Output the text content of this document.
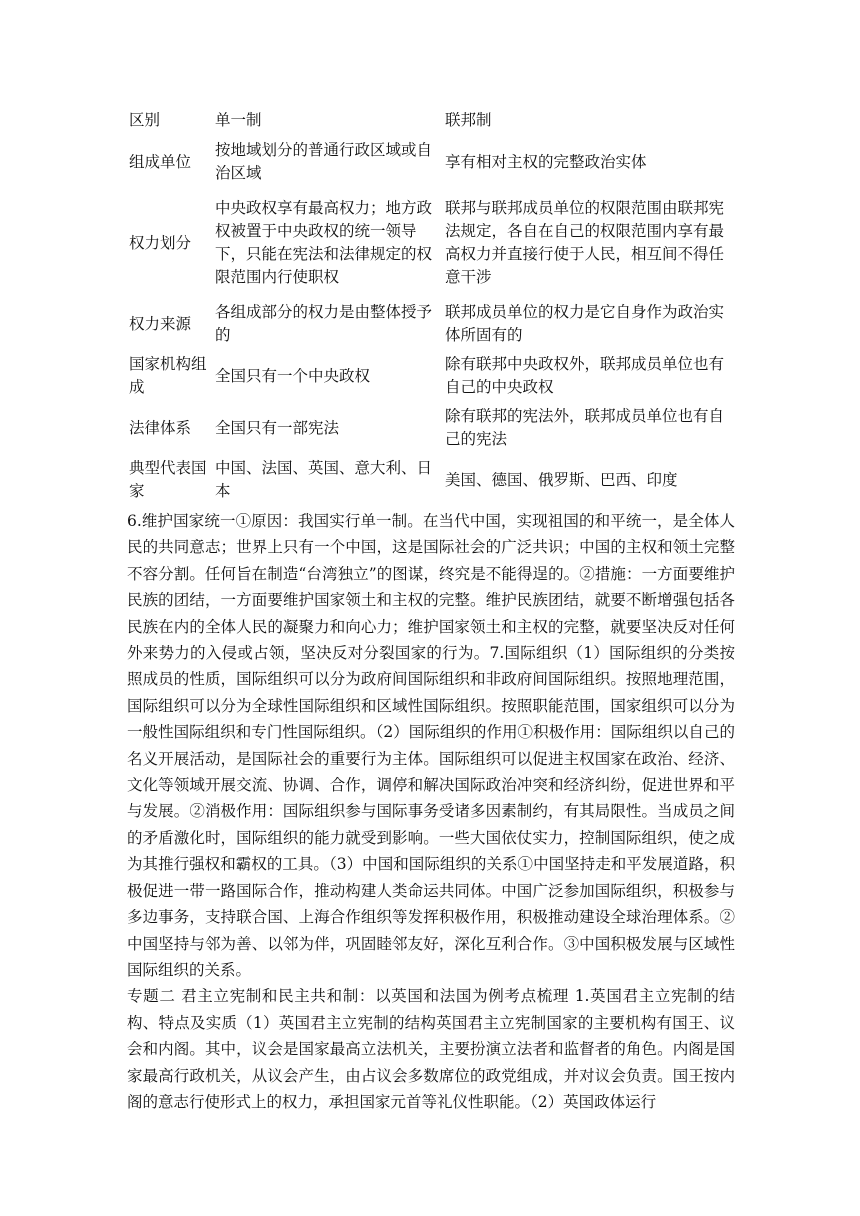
区别	单一制	联邦制
组成单位	按地域划分的普通行政区域或自治区域	享有相对主权的完整政治实体
权力划分	中央政权享有最高权力；地方政权被置于中央政权的统一领导下，只能在宪法和法律规定的权限范围内行使职权	联邦与联邦成员单位的权限范围由联邦宪法规定，各自在自己的权限范围内享有最高权力并直接行使于人民，相互间不得任意干涉
权力来源	各组成部分的权力是由整体授予的	联邦成员单位的权力是它自身作为政治实体所固有的
国家机构组成	全国只有一个中央政权	除有联邦中央政权外，联邦成员单位也有自己的中央政权
法律体系	全国只有一部宪法	除有联邦的宪法外，联邦成员单位也有自己的宪法
典型代表国家	中国、法国、英国、意大利、日本	美国、德国、俄罗斯、巴西、印度

6.维护国家统一①原因：我国实行单一制。在当代中国，实现祖国的和平统一，是全体人民的共同意志；世界上只有一个中国，这是国际社会的广泛共识；中国的主权和领土完整不容分割。任何旨在制造“台湾独立”的图谋，终究是不能得逞的。②措施：一方面要维护民族的团结，一方面要维护国家领土和主权的完整。维护民族团结，就要不断增强包括各民族在内的全体人民的凝聚力和向心力；维护国家领土和主权的完整，就要坚决反对任何外来势力的入侵或占领，坚决反对分裂国家的行为。7.国际组织（1）国际组织的分类按照成员的性质，国际组织可以分为政府间国际组织和非政府间国际组织。按照地理范围，国际组织可以分为全球性国际组织和区域性国际组织。按照职能范围，国家组织可以分为一般性国际组织和专门性国际组织。（2）国际组织的作用①积极作用：国际组织以自己的名义开展活动，是国际社会的重要行为主体。国际组织可以促进主权国家在政治、经济、文化等领域开展交流、协调、合作，调停和解决国际政治冲突和经济纠纷，促进世界和平与发展。②消极作用：国际组织参与国际事务受诸多因素制约，有其局限性。当成员之间的矛盾激化时，国际组织的能力就受到影响。一些大国依仗实力，控制国际组织，使之成为其推行强权和霸权的工具。（3）中国和国际组织的关系①中国坚持走和平发展道路，积极促进一带一路国际合作，推动构建人类命运共同体。中国广泛参加国际组织，积极参与多边事务，支持联合国、上海合作组织等发挥积极作用，积极推动建设全球治理体系。②中国坚持与邻为善、以邻为伴，巩固睦邻友好，深化互利合作。③中国积极发展与区域性国际组织的关系。

专题二 君主立宪制和民主共和制：以英国和法国为例考点梳理 1.英国君主立宪制的结构、特点及实质（1）英国君主立宪制的结构英国君主立宪制国家的主要机构有国王、议会和内阁。其中，议会是国家最高立法机关，主要扮演立法者和监督者的角色。内阁是国家最高行政机关，从议会产生，由占议会多数席位的政党组成，并对议会负责。国王按内阁的意志行使形式上的权力，承担国家元首等礼仪性职能。（2）英国政体运行
